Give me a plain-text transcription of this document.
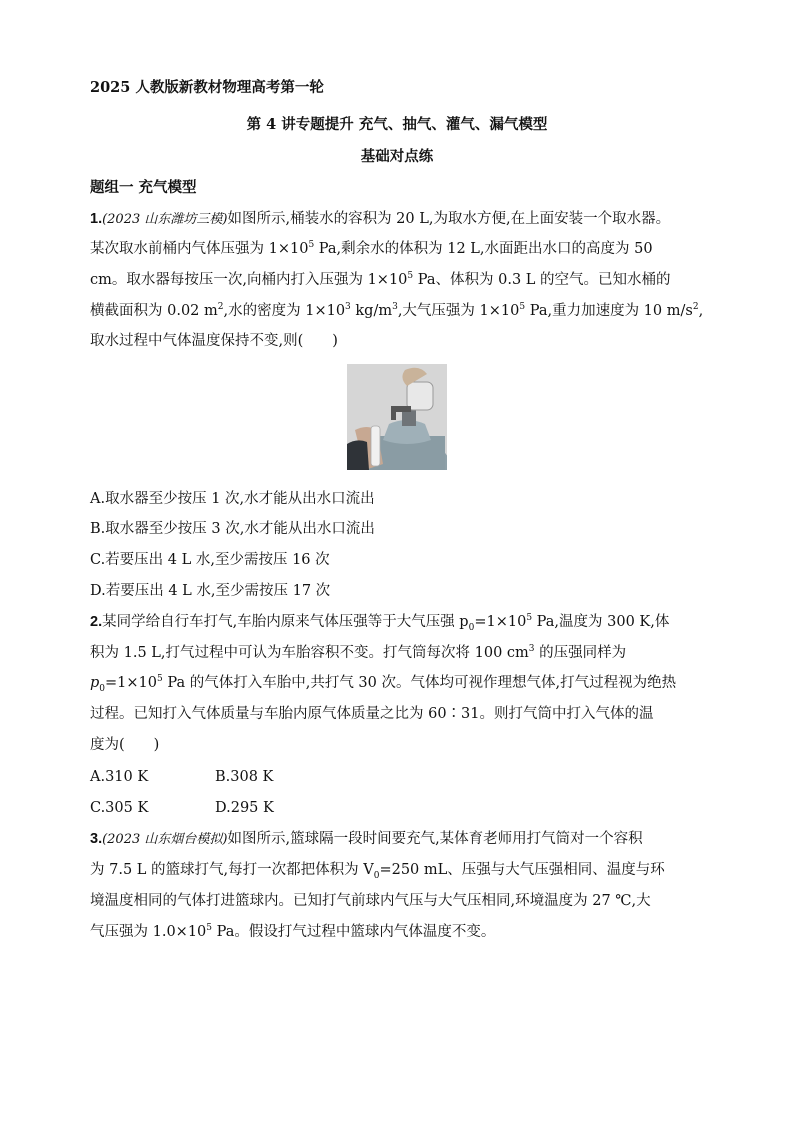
2025 人教版新教材物理高考第一轮
第 4 讲专题提升 充气、抽气、灌气、漏气模型
基础对点练
题组一 充气模型
1.(2023 山东潍坊三模)如图所示,桶装水的容积为 20 L,为取水方便,在上面安装一个取水器。
某次取水前桶内气体压强为 $1\times 10^5$ Pa,剩余水的体积为 12 L,水面距出水口的高度为 50
cm。取水器每按压一次,向桶内打入压强为 $1\times 10^5$ Pa、体积为 0.3 L 的空气。已知水桶的
横截面积为 0.02 $m^2$,水的密度为 $1\times 10^3$ $kg/m^3$,大气压强为 $1\times 10^5$ Pa,重力加速度为 10 $m/s^2$,
取水过程中气体温度保持不变,则(　　)
A.取水器至少按压 1 次,水才能从出水口流出
B.取水器至少按压 3 次,水才能从出水口流出
C.若要压出 4 L 水,至少需按压 16 次
D.若要压出 4 L 水,至少需按压 17 次
2.某同学给自行车打气,车胎内原来气体压强等于大气压强 $p_0=1\times 10^5$ Pa,温度为 300 K,体
积为 1.5 L,打气过程中可认为车胎容积不变。打气筒每次将 100 $cm^3$ 的压强同样为
$p_0=1\times 10^5$ Pa 的气体打入车胎中,共打气 30 次。气体均可视作理想气体,打气过程视为绝热
过程。已知打入气体质量与车胎内原气体质量之比为 60∶31。则打气筒中打入气体的温
度为(　　)
A.310 K	B.308 K
C.305 K	D.295 K
3.(2023 山东烟台模拟)如图所示,篮球隔一段时间要充气,某体育老师用打气筒对一个容积
为 7.5 L 的篮球打气,每打一次都把体积为 $V_0=250$ mL、压强与大气压强相同、温度与环
境温度相同的气体打进篮球内。已知打气前球内气压与大气压相同,环境温度为 27 ℃,大
气压强为 $1.0\times 10^5$ Pa。假设打气过程中篮球内气体温度不变。
